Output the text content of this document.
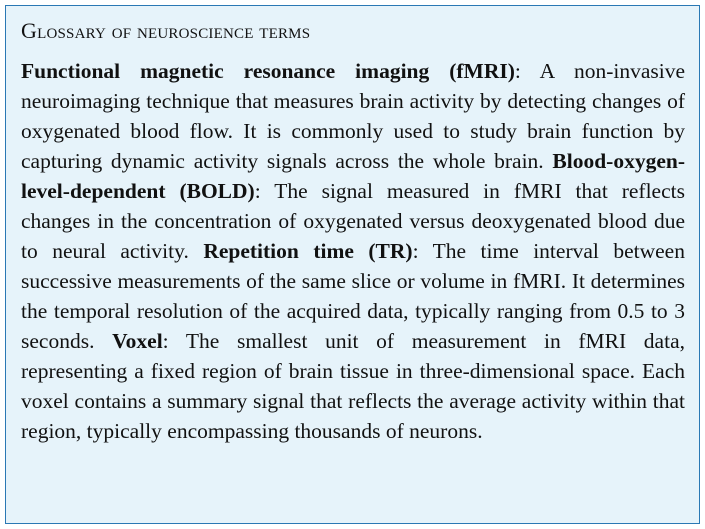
Glossary of neuroscience terms

Functional magnetic resonance imaging (fMRI): A non-invasive neuroimaging technique that measures brain activity by detecting changes of oxygenated blood flow. It is commonly used to study brain function by capturing dynamic activity signals across the whole brain. Blood-oxygen-level-dependent (BOLD): The signal measured in fMRI that reflects changes in the concentration of oxygenated versus deoxygenated blood due to neural activity. Repetition time (TR): The time interval between successive measurements of the same slice or volume in fMRI. It determines the temporal resolution of the acquired data, typically ranging from 0.5 to 3 seconds. Voxel: The smallest unit of measurement in fMRI data, representing a fixed region of brain tissue in three-dimensional space. Each voxel contains a summary signal that reflects the average activity within that region, typically encompassing thousands of neurons.
